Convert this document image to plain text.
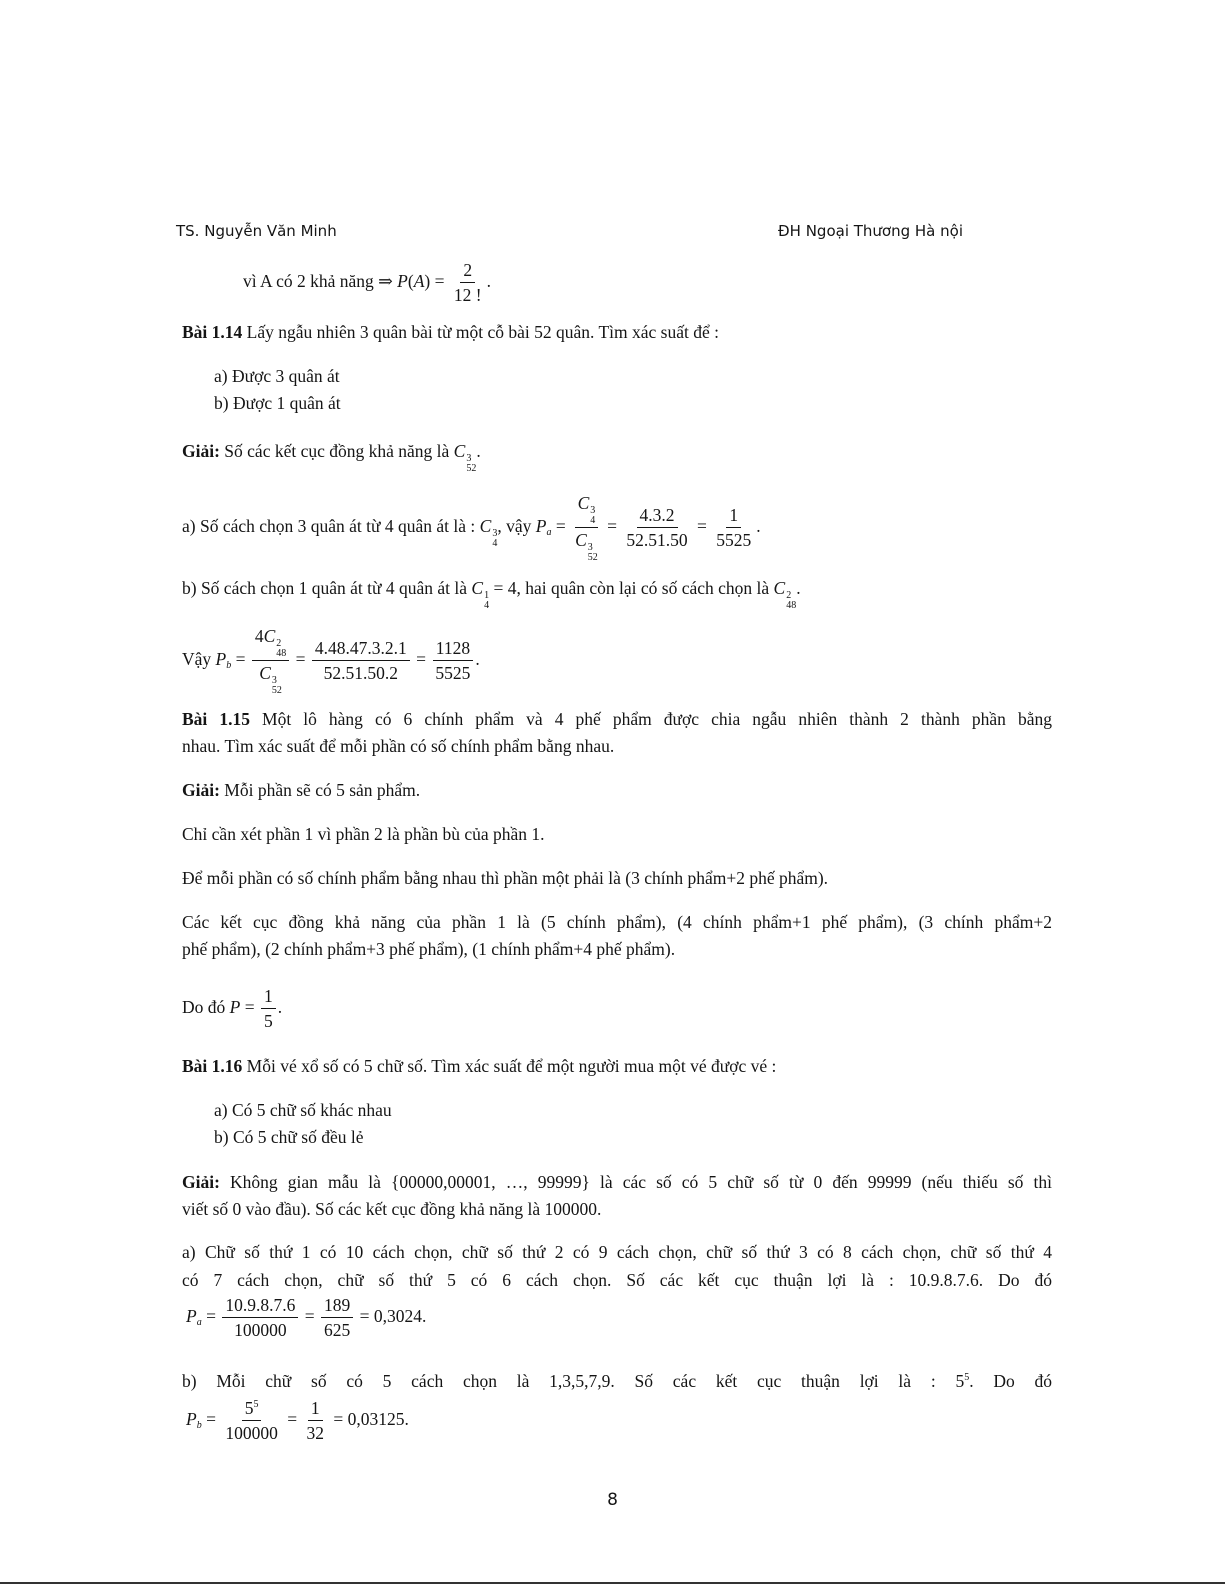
TS. Nguyễn Văn Minh	ĐH Ngoại Thương Hà nội
vì A có 2 khả năng ⇒ $P(A) = \frac{2}{12 !}$ .
Bài 1.14 Lấy ngẫu nhiên 3 quân bài từ một cỗ bài 52 quân. Tìm xác suất để :
a) Được 3 quân át
b) Được 1 quân át
Giải: Số các kết cục đồng khả năng là C 3
52
.
a) Số cách chọn 3 quân át từ 4 quân át là : C 3
4
, vậy $P_a = C$ 3
4
C 3
$52 = \frac{4.3.2}{52.51.50} = \frac{1}{5525}$ .
b) Số cách chọn 1 quân át từ 4 quân át là C 1
4
= 4, hai quân còn lại có số cách chọn là C 2
48
.
Vậy $P_b = 4C$ 2
48
C 3
$52 = \frac{4.48.47.3.2.1}{52.51.50.2} = \frac{1128}{5525}$ .
Bài 1.15 Một lô hàng có 6 chính phẩm và 4 phế phẩm được chia ngẫu nhiên thành 2 thành phần bằng
nhau. Tìm xác suất để mỗi phần có số chính phẩm bằng nhau.
Giải: Mỗi phần sẽ có 5 sản phẩm.
Chỉ cần xét phần 1 vì phần 2 là phần bù của phần 1.
Để mỗi phần có số chính phẩm bằng nhau thì phần một phải là (3 chính phẩm+2 phế phẩm).
Các kết cục đồng khả năng của phần 1 là (5 chính phẩm), (4 chính phẩm+1 phế phẩm), (3 chính phẩm+2
phế phẩm), (2 chính phẩm+3 phế phẩm), (1 chính phẩm+4 phế phẩm).
Do đó $P = \frac{1}{5}$ .
Bài 1.16 Mỗi vé xổ số có 5 chữ số. Tìm xác suất để một người mua một vé được vé :
a) Có 5 chữ số khác nhau
b) Có 5 chữ số đều lẻ
Giải: Không gian mẫu là {00000,00001, …, 99999} là các số có 5 chữ số từ 0 đến 99999 (nếu thiếu số thì
viết số 0 vào đầu). Số các kết cục đồng khả năng là 100000.
a) Chữ số thứ 1 có 10 cách chọn, chữ số thứ 2 có 9 cách chọn, chữ số thứ 3 có 8 cách chọn, chữ số thứ 4
có 7 cách chọn, chữ số thứ 5 có 6 cách chọn. Số các kết cục thuận lợi là : 10.9.8.7.6. Do đó
$P_a = \frac{10.9.8.7.6}{100000} = \frac{189}{625} = 0,3024$.
b) Mỗi chữ số có 5 cách chọn là 1,3,5,7,9. Số các kết cục thuận lợi là : $5^5$. Do đó
$P_b = \frac{5^5}{100000} = \frac{1}{32} = 0,03125$.
8
